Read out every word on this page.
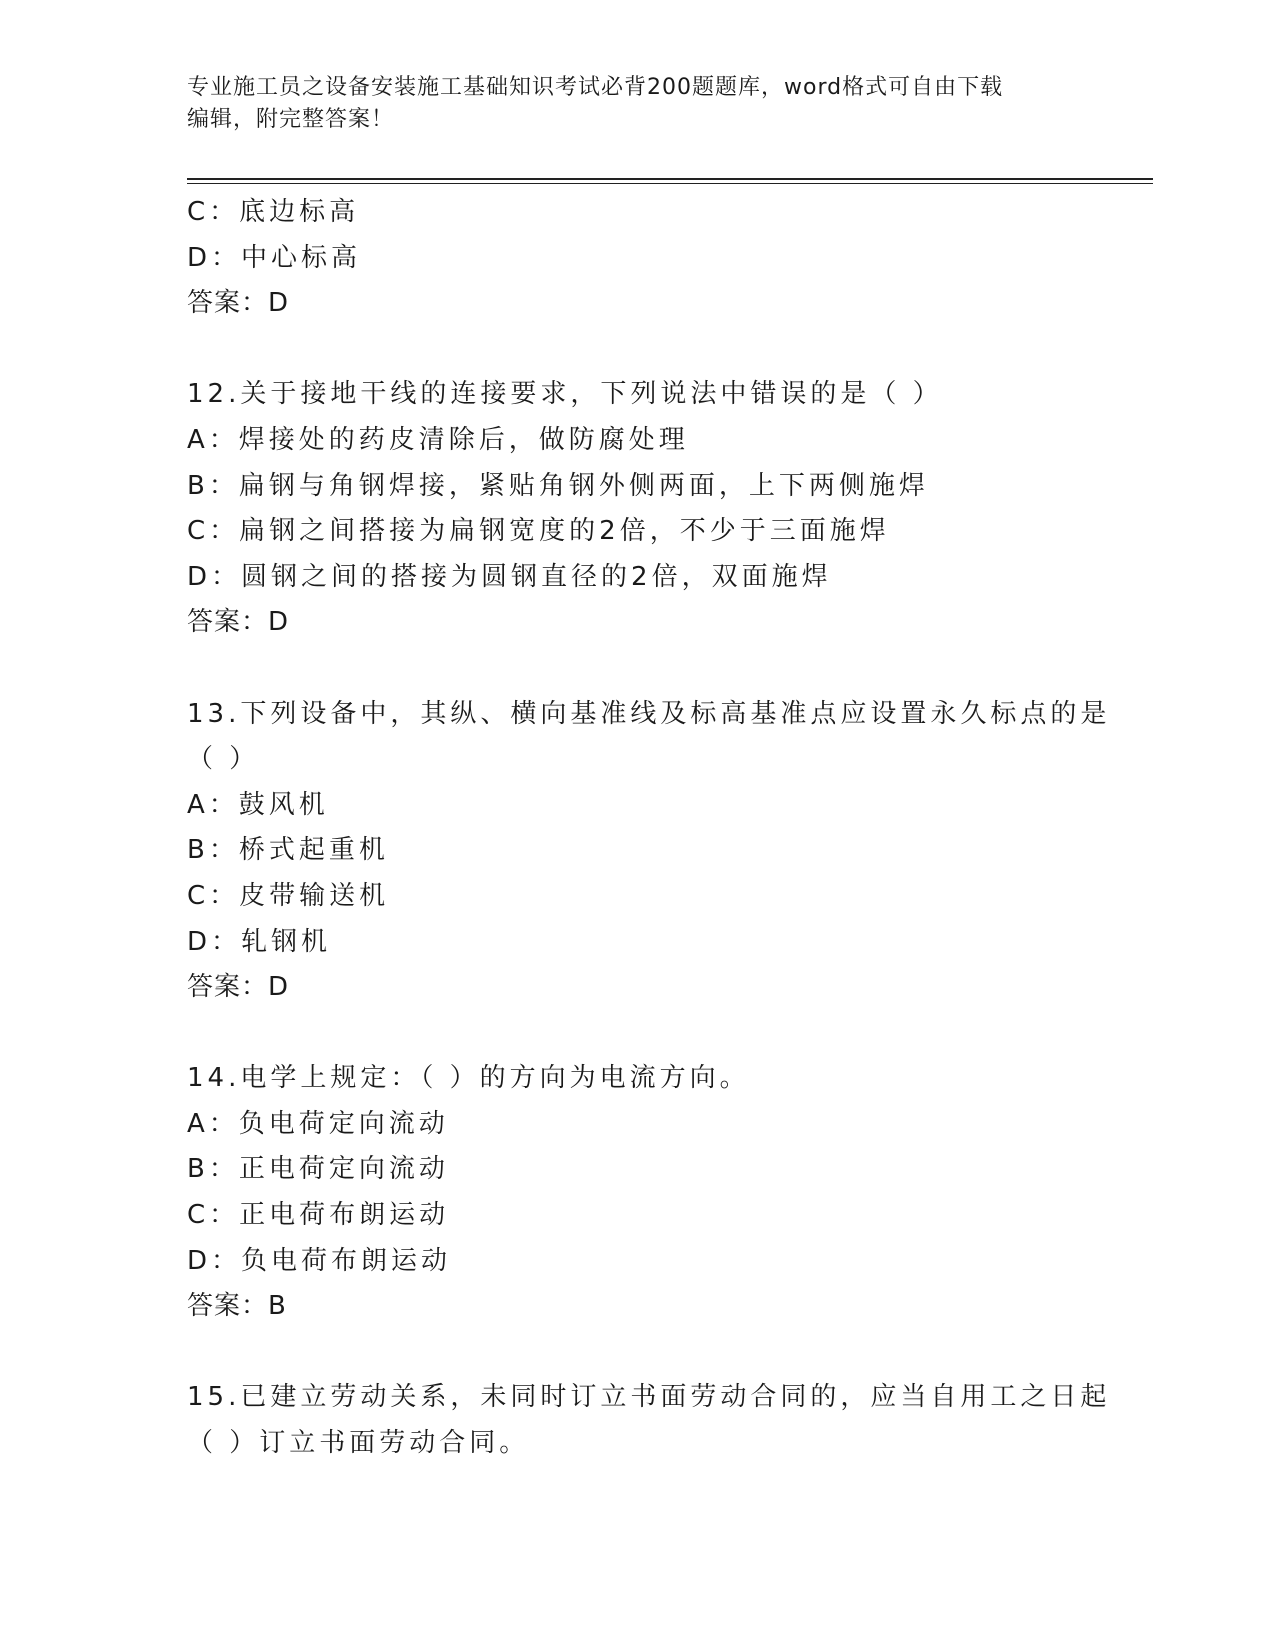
专业施工员之设备安装施工基础知识考试必背200题题库，word格式可自由下载
编辑，附完整答案！
C：底边标高
D：中心标高
答案：D
12.关于接地干线的连接要求，下列说法中错误的是（ ）
A：焊接处的药皮清除后，做防腐处理
B：扁钢与角钢焊接，紧贴角钢外侧两面，上下两侧施焊
C：扁钢之间搭接为扁钢宽度的2倍，不少于三面施焊
D：圆钢之间的搭接为圆钢直径的2倍，双面施焊
答案：D
13.下列设备中，其纵、横向基准线及标高基准点应设置永久标点的是
（ ）
A：鼓风机
B：桥式起重机
C：皮带输送机
D：轧钢机
答案：D
14.电学上规定：（ ）的方向为电流方向。
A：负电荷定向流动
B：正电荷定向流动
C：正电荷布朗运动
D：负电荷布朗运动
答案：B
15.已建立劳动关系，未同时订立书面劳动合同的，应当自用工之日起
（ ）订立书面劳动合同。
